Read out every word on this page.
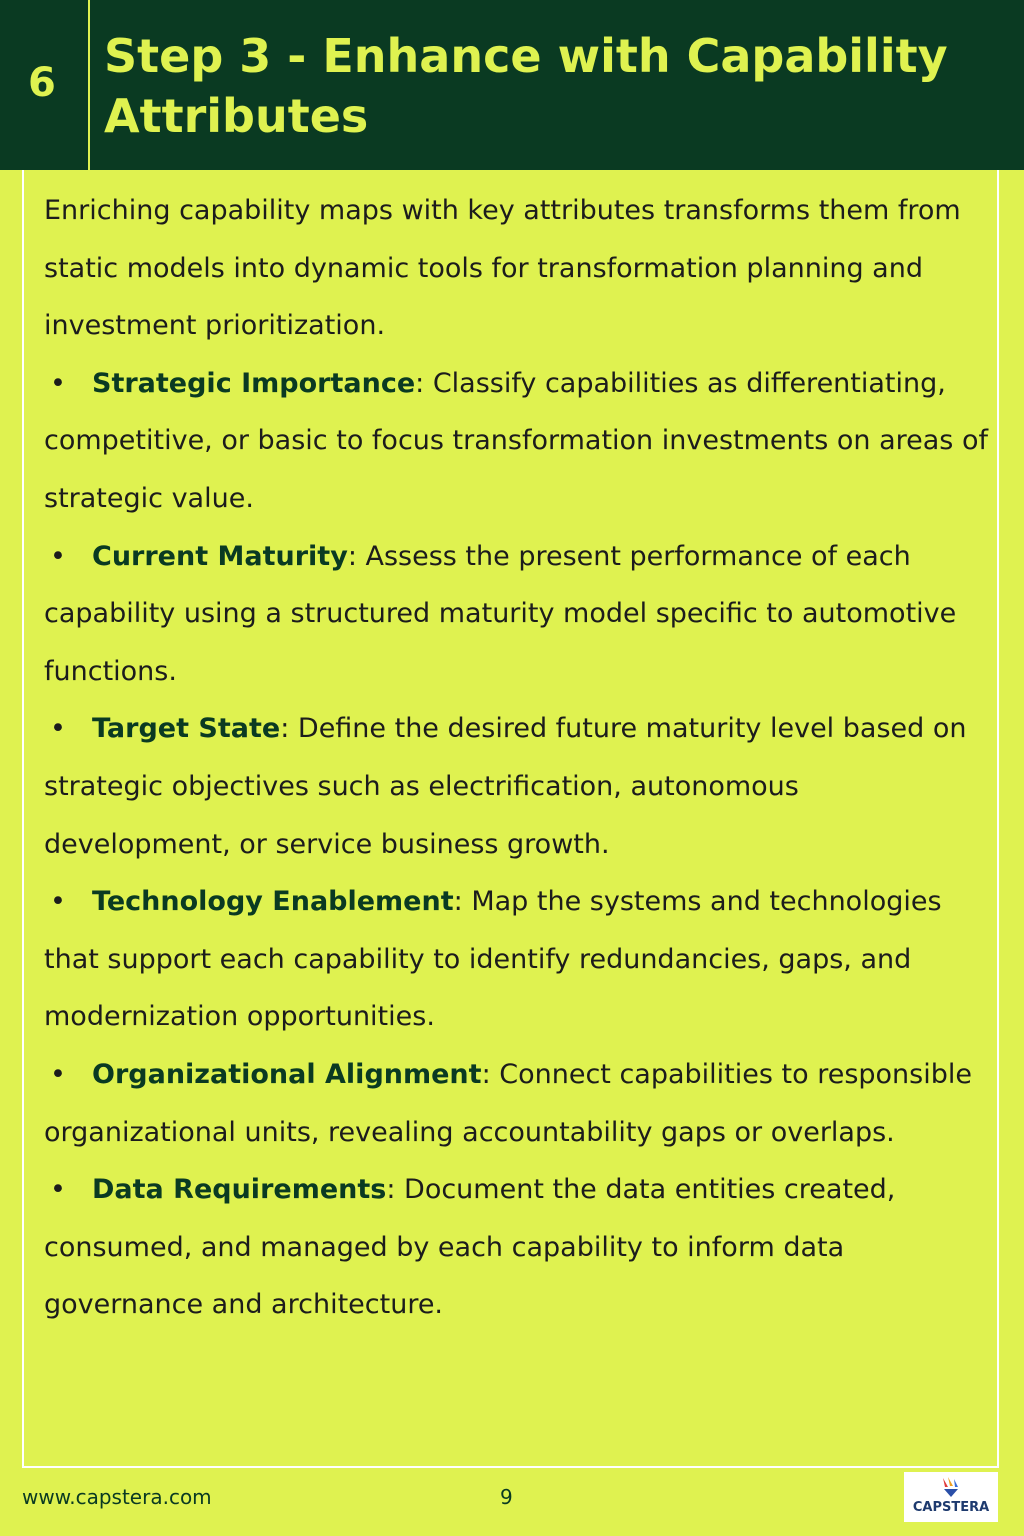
6 Step 3 - Enhance with Capability Attributes

Enriching capability maps with key attributes transforms them from static models into dynamic tools for transformation planning and investment prioritization.

• Strategic Importance: Classify capabilities as differentiating, competitive, or basic to focus transformation investments on areas of strategic value.

• Current Maturity: Assess the present performance of each capability using a structured maturity model specific to automotive functions.

• Target State: Define the desired future maturity level based on strategic objectives such as electrification, autonomous development, or service business growth.

• Technology Enablement: Map the systems and technologies that support each capability to identify redundancies, gaps, and modernization opportunities.

• Organizational Alignment: Connect capabilities to responsible organizational units, revealing accountability gaps or overlaps.

• Data Requirements: Document the data entities created, consumed, and managed by each capability to inform data governance and architecture.

www.capstera.com	9	CAPSTERA
